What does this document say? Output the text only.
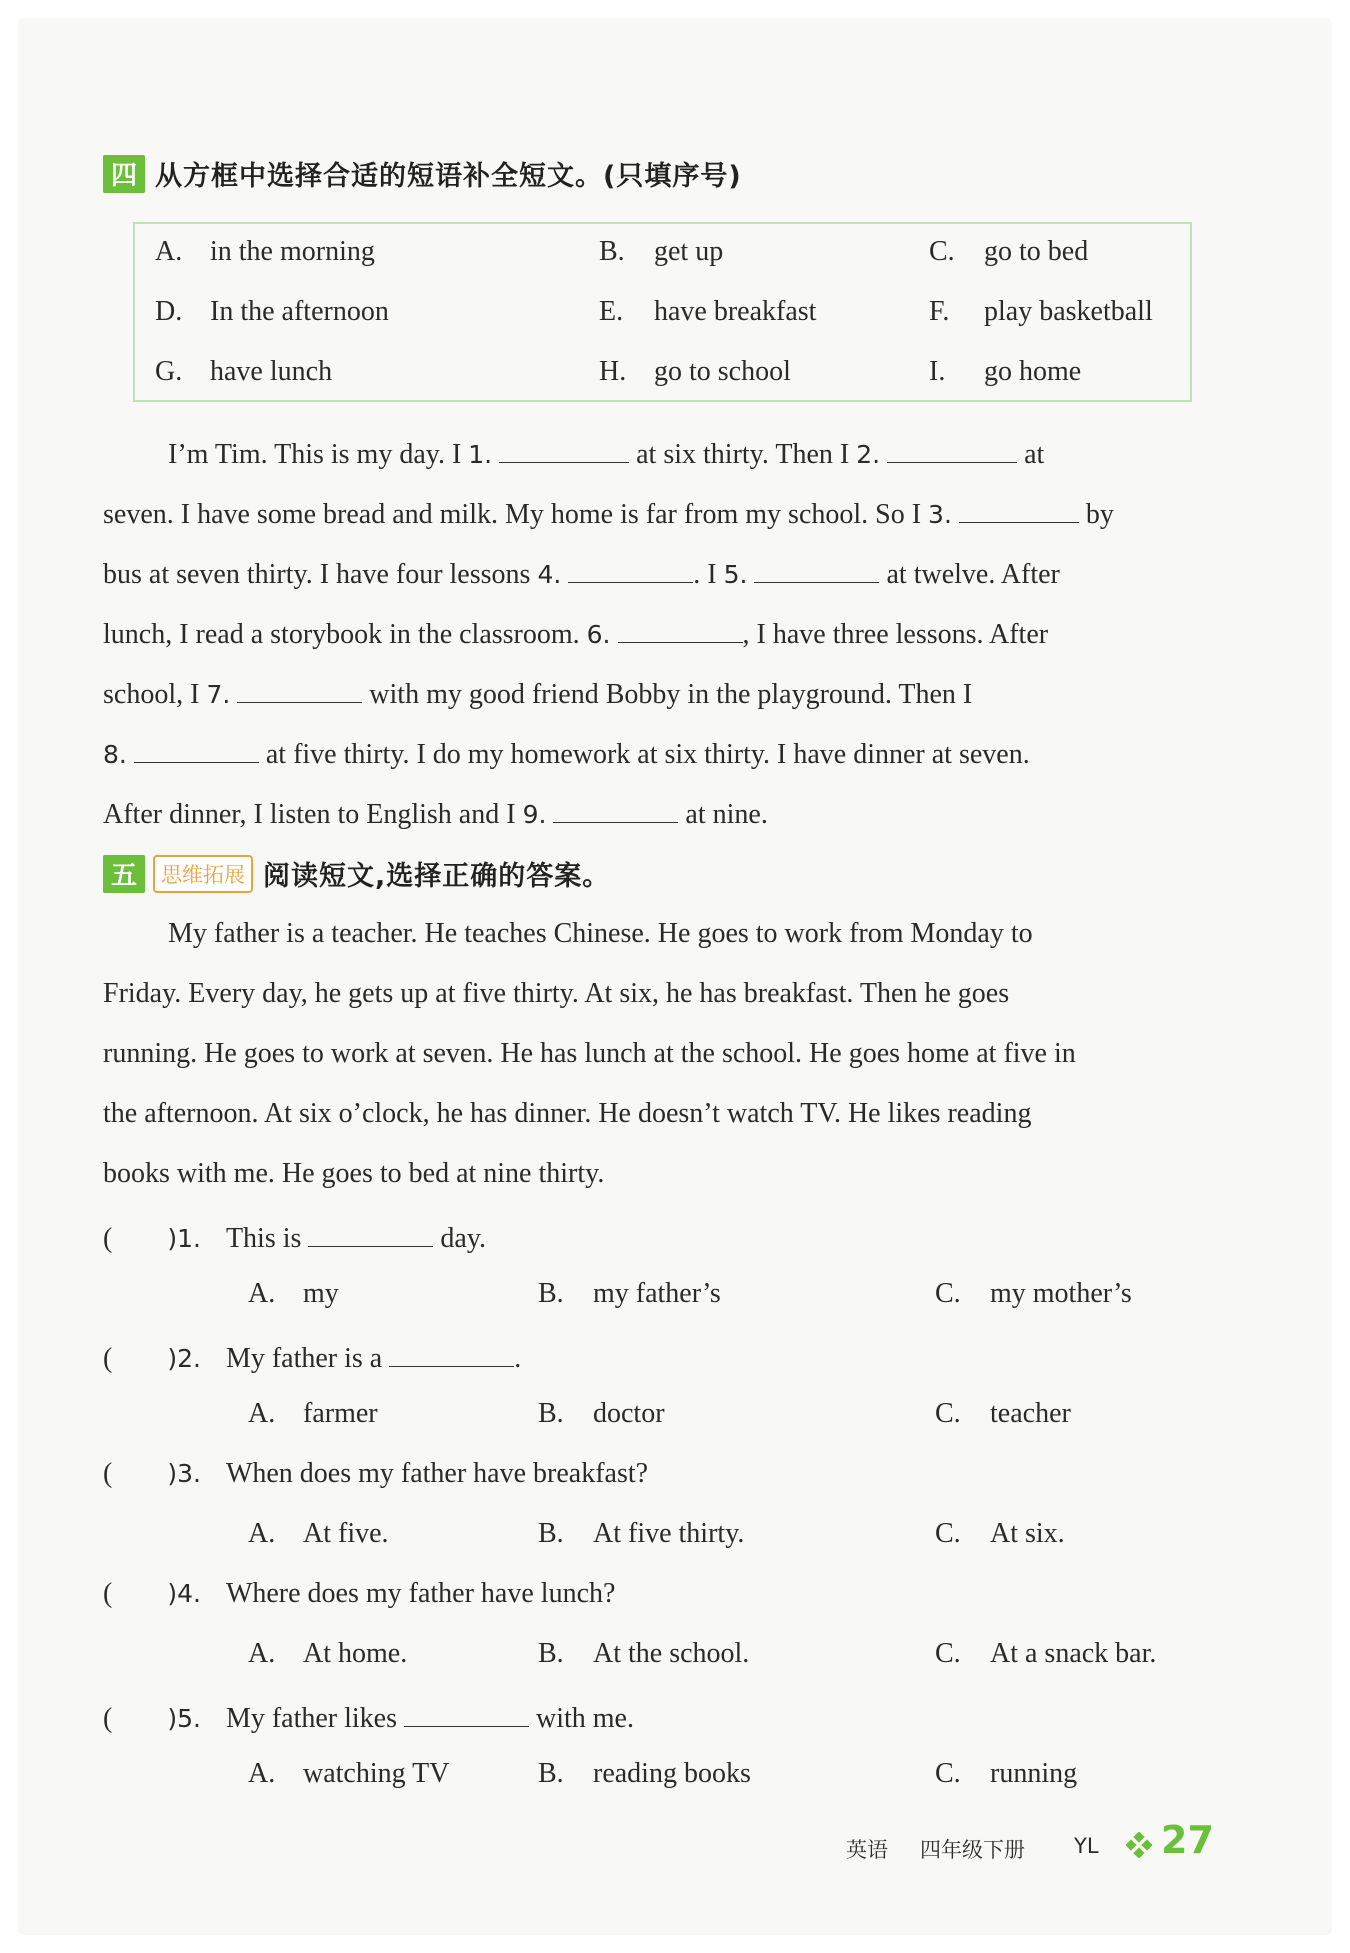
四 从方框中选择合适的短语补全短文。(只填序号)
A. in the morning	B. get up	C. go to bed
D. In the afternoon	E. have breakfast	F. play basketball
G. have lunch	H. go to school	I. go home
I’m Tim. This is my day. I 1.	at six thirty. Then I 2.	at
seven. I have some bread and milk. My home is far from my school. So I 3.	by
bus at seven thirty. I have four lessons 4.	. I 5.	at twelve. After
lunch, I read a storybook in the classroom. 6.	, I have three lessons. After
school, I 7.	with my good friend Bobby in the playground. Then I
8.	at five thirty. I do my homework at six thirty. I have dinner at seven.
After dinner, I listen to English and I 9.	at nine.
五	思维拓展 阅读短文,选择正确的答案。
My father is a teacher. He teaches Chinese. He goes to work from Monday to
Friday. Every day, he gets up at five thirty. At six, he has breakfast. Then he goes
running. He goes to work at seven. He has lunch at the school. He goes home at five in
the afternoon. At six o’clock, he has dinner. He doesn’t watch TV. He likes reading
books with me. He goes to bed at nine thirty.
( )1. This is	day.
A. my	B. my father’s	C. my mother’s
( )2. My father is a	.
A. farmer	B. doctor	C. teacher
( )3. When does my father have breakfast?
A. At five.	B. At five thirty.	C. At six.
( )4. Where does my father have lunch?
A. At home.	B. At the school.	C. At a snack bar.
( )5. My father likes	with me.
A. watching TV	B. reading books	C. running
英语 四年级下册 YL 27
